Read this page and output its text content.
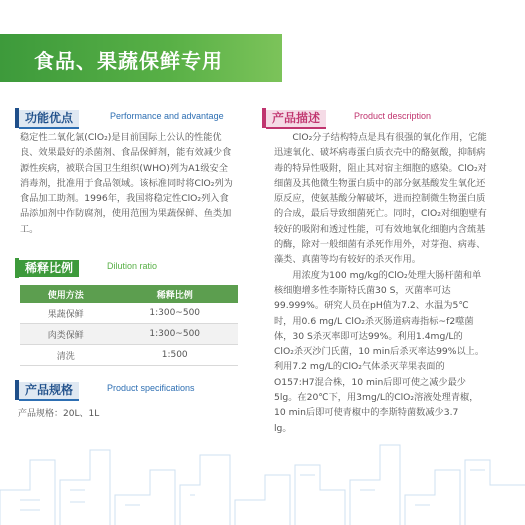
食品、果蔬保鲜专用
功能优点	Performance and advantage
稳定性二氧化氯(ClO₂)是目前国际上公认的性能优
良、效果最好的杀菌剂、食品保鲜剂，能有效减少食
源性疾病，被联合国卫生组织(WHO)列为A1级安全
消毒剂，批准用于食品领域。该标准同时将ClO₂列为
食品加工助剂。1996年，我国将稳定性ClO₂列入食
品添加剂中作防腐剂，使用范围为果蔬保鲜、鱼类加
工。
稀释比例	Dilution ratio
使用方法	稀释比例
果蔬保鲜	1:300~500
肉类保鲜	1:300~500
清洗	1:500
产品规格	Product specifications
产品规格：20L、1L
产品描述	Product description
ClO₂分子结构特点是具有很强的氧化作用，它能
迅速氧化、破坏病毒蛋白质衣壳中的酪氨酸，抑制病
毒的特异性吸附，阻止其对宿主细胞的感染。ClO₂对
细菌及其他微生物蛋白质中的部分氨基酸发生氧化还
原反应，使氨基酸分解破坏，进而控制微生物蛋白质
的合成，最后导致细菌死亡。同时，ClO₂对细胞壁有
较好的吸附和透过性能，可有效地氧化细胞内含巯基
的酶，除对一般细菌有杀死作用外，对芽孢、病毒、
藻类、真菌等均有较好的杀灭作用。
用浓度为100 mg/kg的ClO₂处理大肠杆菌和单
核细胞增多性李斯特氏菌30 S，灭菌率可达
99.999%。研究人员在pH值为7.2、水温为5℃
时，用0.6 mg/L ClO₂杀灭肠道病毒指标~f2噬菌
体，30 S杀灭率即可达99%。利用1.4mg/L的
ClO₂杀灭沙门氏菌，10 min后杀灭率达99%以上。
利用7.2 mg/L的ClO₂气体杀灭苹果表面的
O157:H7混合株，10 min后即可使之减少最少
5lg。在20℃下，用3mg/L的ClO₂溶液处理青椒，
10 min后即可使青椒中的李斯特菌数减少3.7
lg。
